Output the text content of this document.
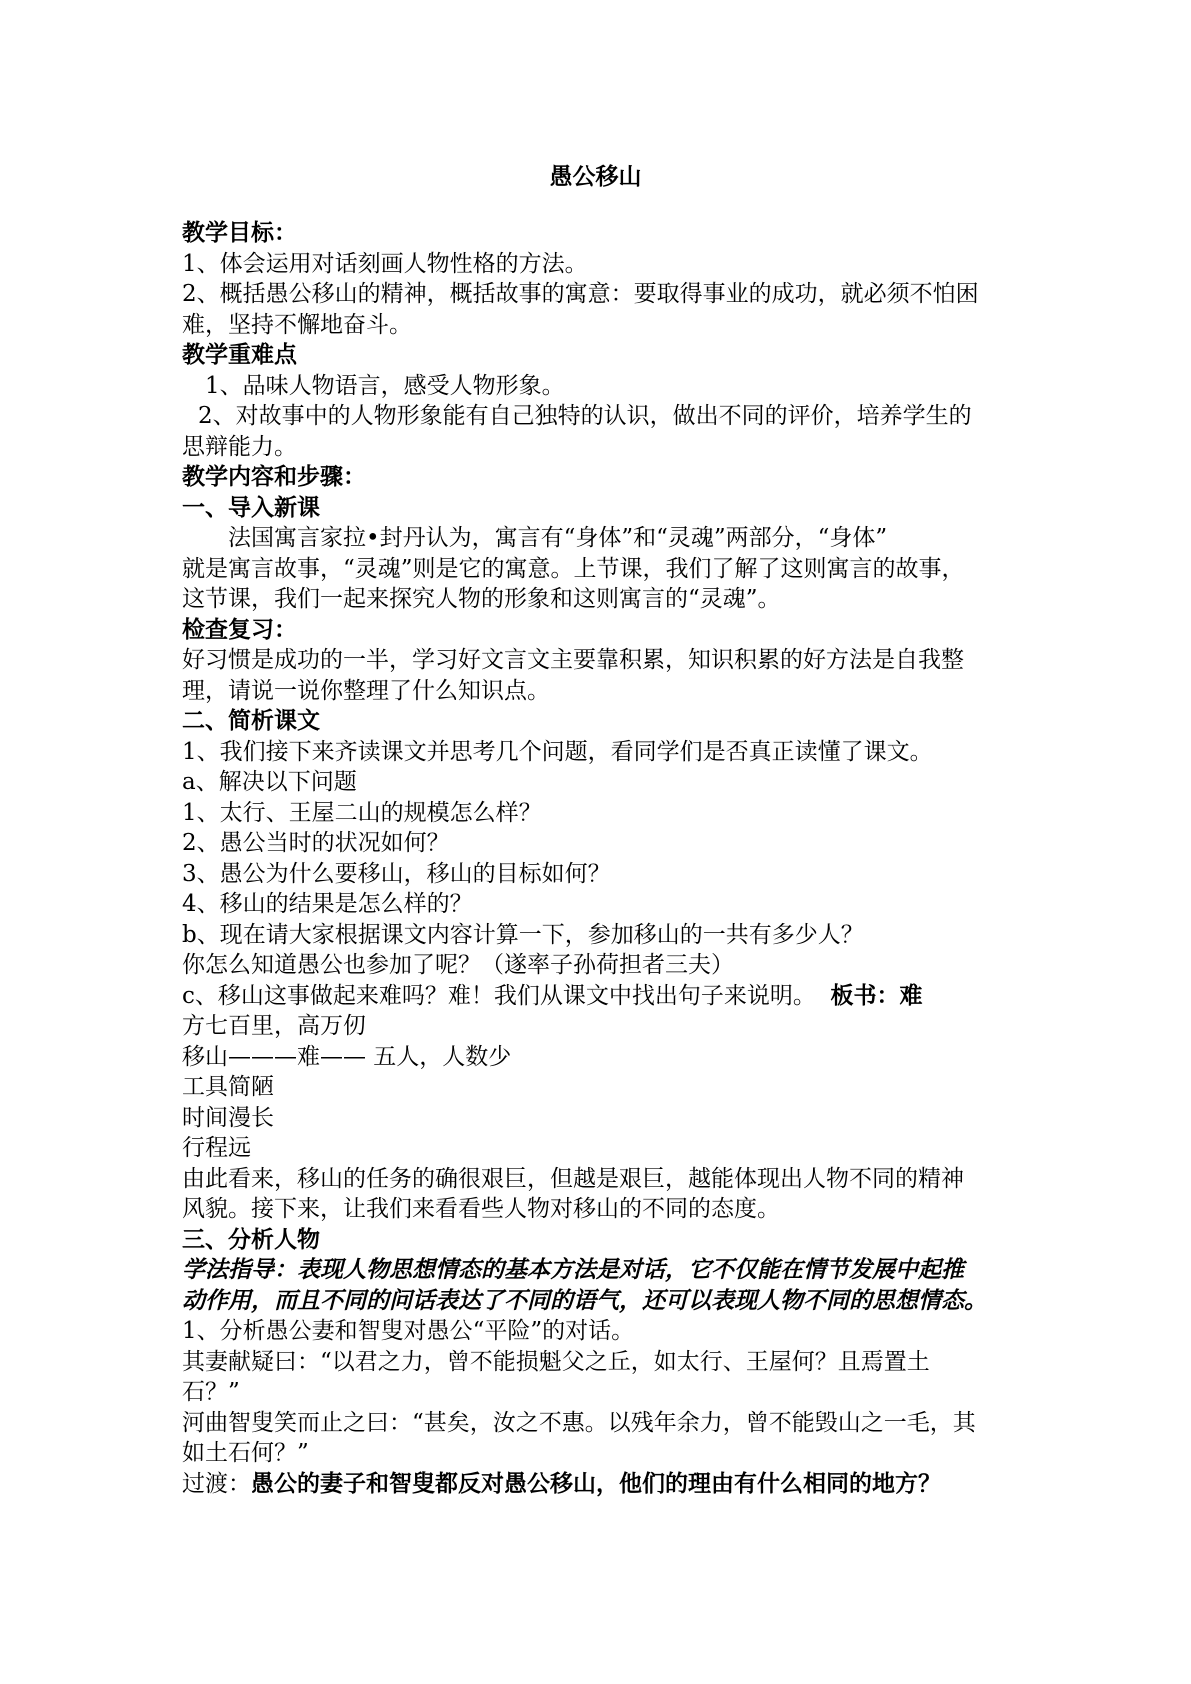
愚公移山

教学目标：

1、体会运用对话刻画人物性格的方法。

2、概括愚公移山的精神，概括故事的寓意：要取得事业的成功，就必须不怕困

难，坚持不懈地奋斗。

教学重难点

1、品味人物语言，感受人物形象。

2、对故事中的人物形象能有自己独特的认识，做出不同的评价，培养学生的

思辩能力。

教学内容和步骤：

一、导入新课

法国寓言家拉•封丹认为，寓言有“身体”和“灵魂”两部分，“身体”

就是寓言故事，“灵魂”则是它的寓意。上节课，我们了解了这则寓言的故事，

这节课，我们一起来探究人物的形象和这则寓言的“灵魂”。

检查复习：

好习惯是成功的一半，学习好文言文主要靠积累，知识积累的好方法是自我整

理，请说一说你整理了什么知识点。

二、简析课文

1、我们接下来齐读课文并思考几个问题，看同学们是否真正读懂了课文。

a、解决以下问题

1、太行、王屋二山的规模怎么样？

2、愚公当时的状况如何？

3、愚公为什么要移山，移山的目标如何？

4、移山的结果是怎么样的？

b、现在请大家根据课文内容计算一下，参加移山的一共有多少人？

你怎么知道愚公也参加了呢？（遂率子孙荷担者三夫）

c、移山这事做起来难吗？难！我们从课文中找出句子来说明。 板书：难

方七百里，高万仞

移山———难—— 五人，人数少

工具简陋

时间漫长

行程远

由此看来，移山的任务的确很艰巨，但越是艰巨，越能体现出人物不同的精神

风貌。接下来，让我们来看看些人物对移山的不同的态度。

三、分析人物

学法指导：表现人物思想情态的基本方法是对话，它不仅能在情节发展中起推

动作用，而且不同的问话表达了不同的语气，还可以表现人物不同的思想情态。

1、分析愚公妻和智叟对愚公“平险”的对话。

其妻献疑曰：“以君之力，曾不能损魁父之丘，如太行、王屋何？且焉置土

石？”

河曲智叟笑而止之曰：“甚矣，汝之不惠。以残年余力，曾不能毁山之一毛，其

如土石何？”

过渡：愚公的妻子和智叟都反对愚公移山，他们的理由有什么相同的地方？
